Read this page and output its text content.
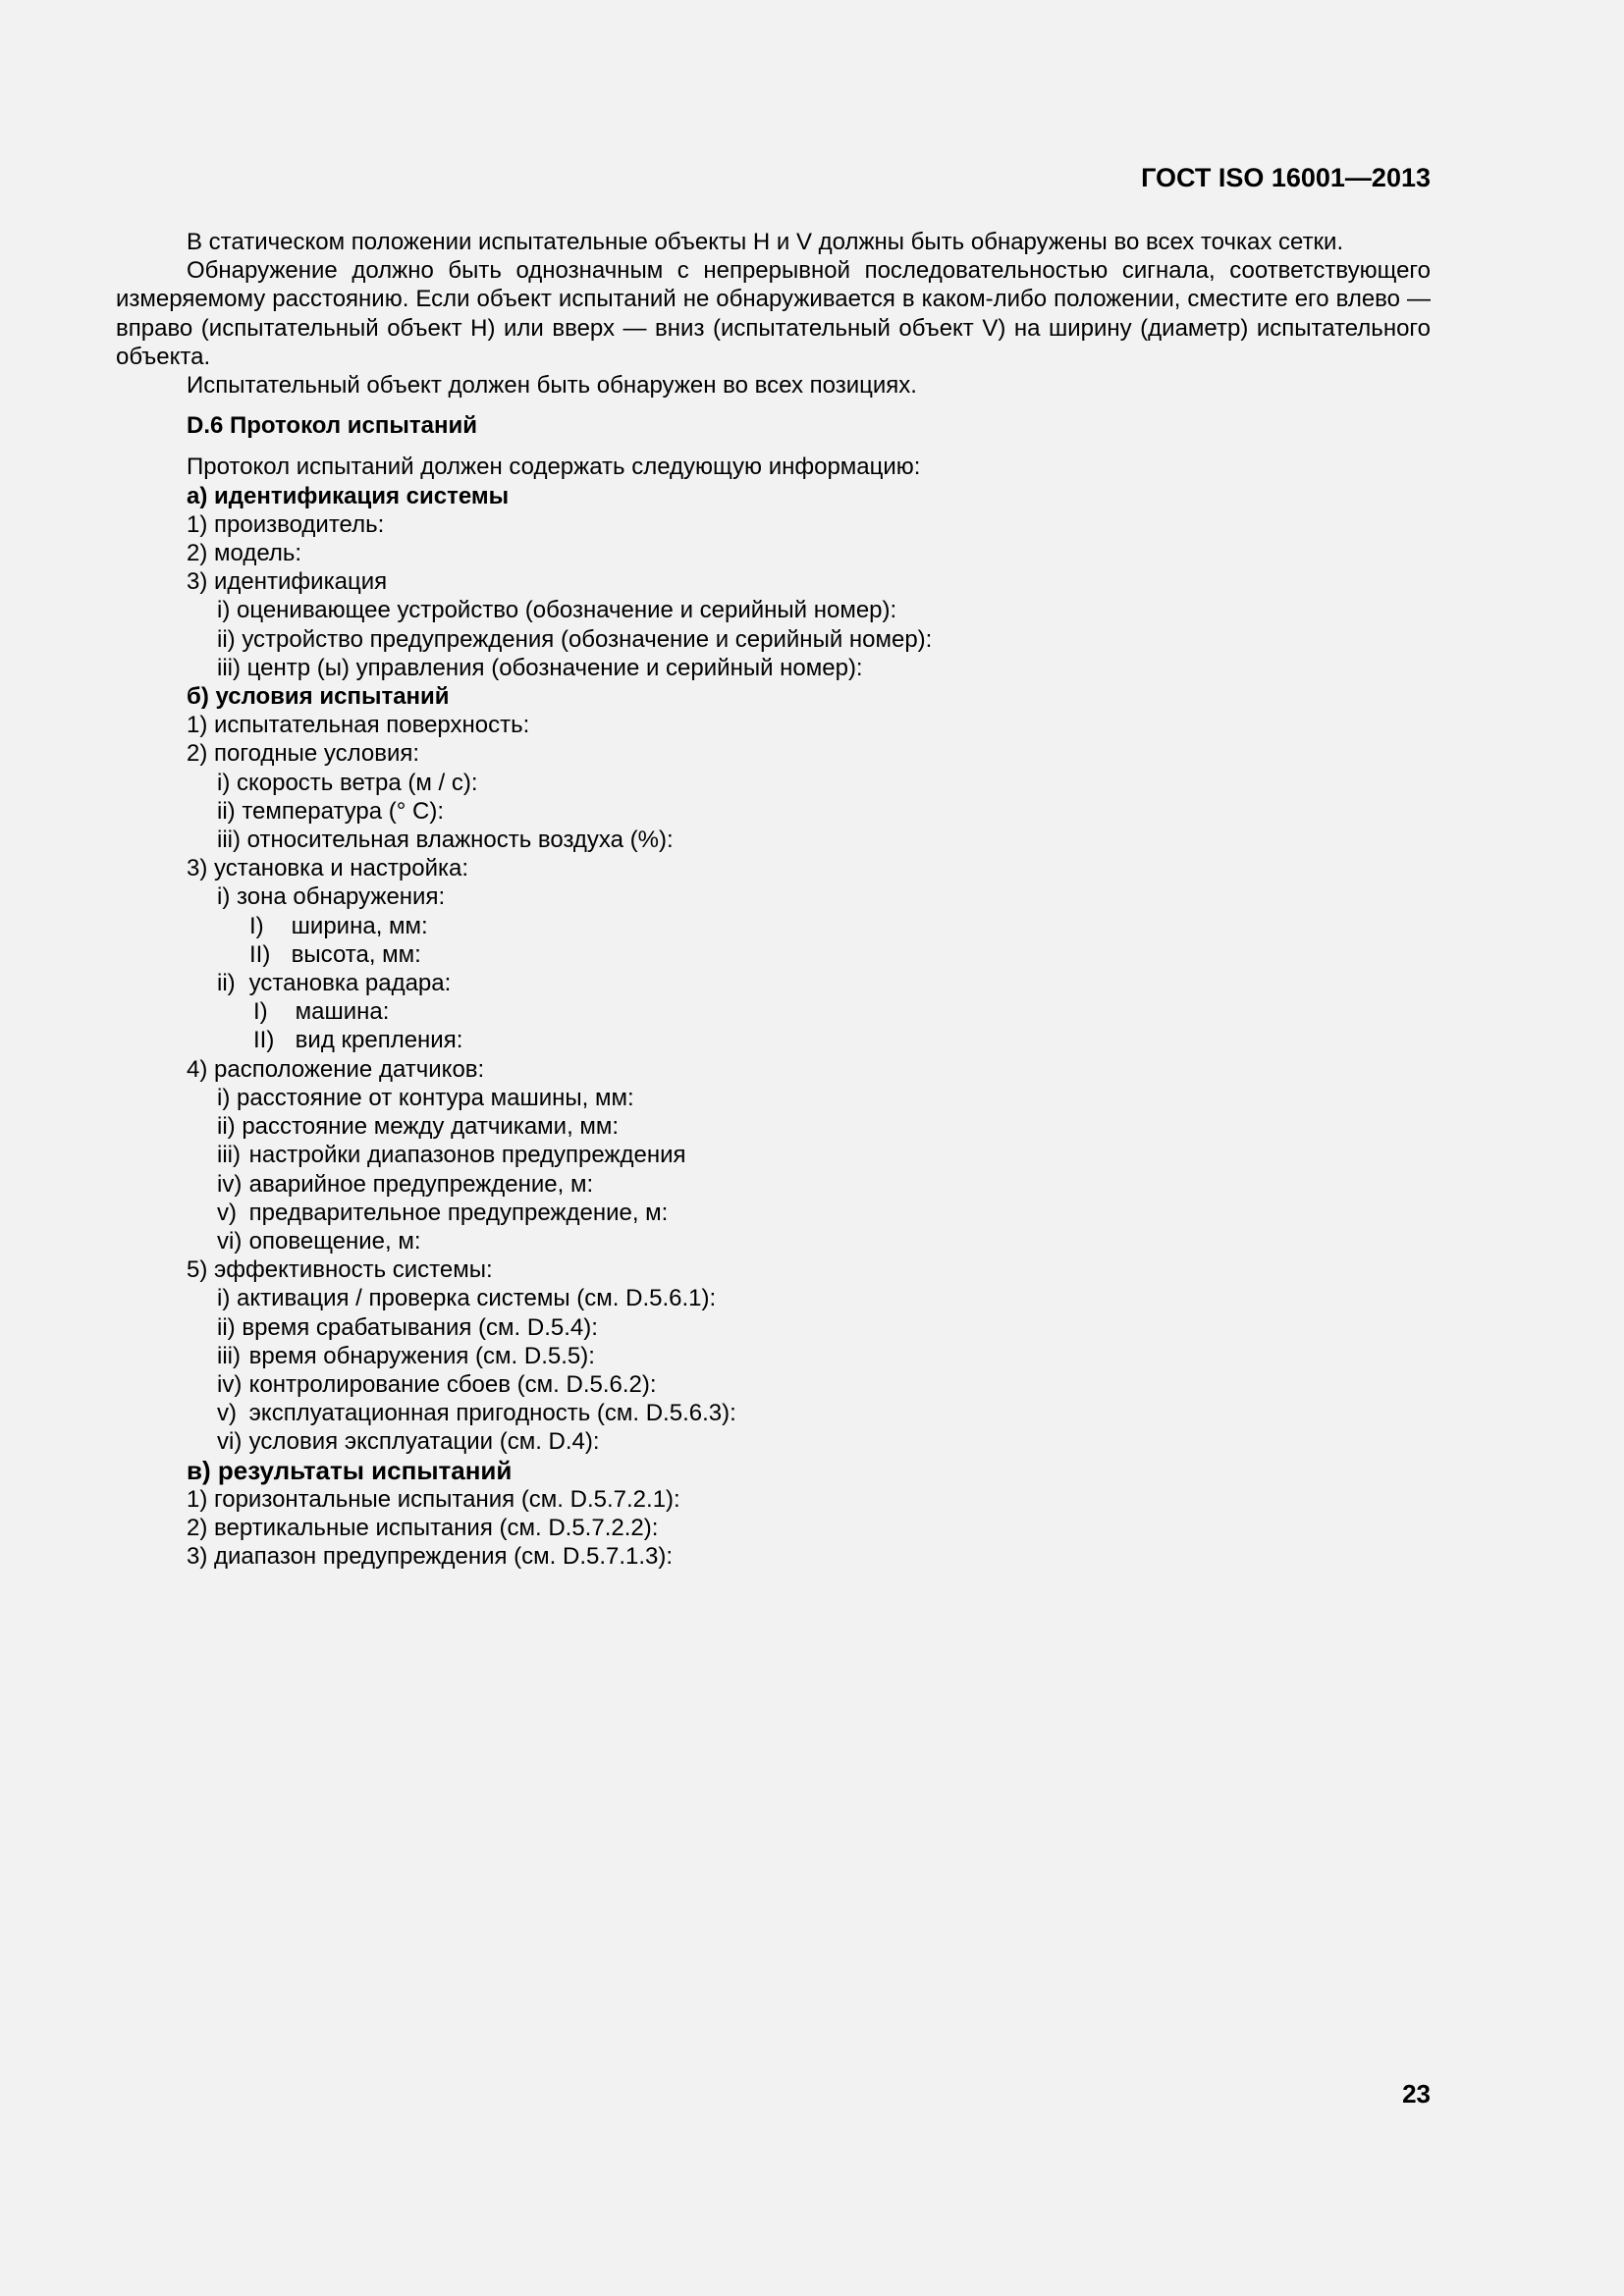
ГОСТ ISO 16001—2013

В статическом положении испытательные объекты H и V должны быть обнаружены во всех точках сетки.

Обнаружение должно быть однозначным с непрерывной последовательностью сигнала, соответствующего измеряемому расстоянию. Если объект испытаний не обнаруживается в каком-либо положении, сместите его влево — вправо (испытательный объект H) или вверх — вниз (испытательный объект V) на ширину (диаметр) испытательного объекта.

Испытательный объект должен быть обнаружен во всех позициях.

D.6 Протокол испытаний
Протокол испытаний должен содержать следующую информацию:
а) идентификация системы
1) производитель:
2) модель:
3) идентификация
i) оценивающее устройство (обозначение и серийный номер):
ii) устройство предупреждения (обозначение и серийный номер):
iii) центр (ы) управления (обозначение и серийный номер):
б) условия испытаний
1) испытательная поверхность:
2) погодные условия:
i) скорость ветра (м / с):
ii) температура (° С):
iii) относительная влажность воздуха (%):
3) установка и настройка:
i) зона обнаружения:
I) ширина, мм:
II) высота, мм:
ii) установка радара:
I) машина:
II) вид крепления:
4) расположение датчиков:
i) расстояние от контура машины, мм:
ii) расстояние между датчиками, мм:
iii) настройки диапазонов предупреждения
iv) аварийное предупреждение, м:
v) предварительное предупреждение, м:
vi) оповещение, м:
5) эффективность системы:
i) активация / проверка системы (см. D.5.6.1):
ii) время срабатывания (см. D.5.4):
iii) время обнаружения (см. D.5.5):
iv) контролирование сбоев (см. D.5.6.2):
v) эксплуатационная пригодность (см. D.5.6.3):
vi) условия эксплуатации (см. D.4):
в) результаты испытаний
1) горизонтальные испытания (см. D.5.7.2.1):
2) вертикальные испытания (см. D.5.7.2.2):
3) диапазон предупреждения (см. D.5.7.1.3):
23
